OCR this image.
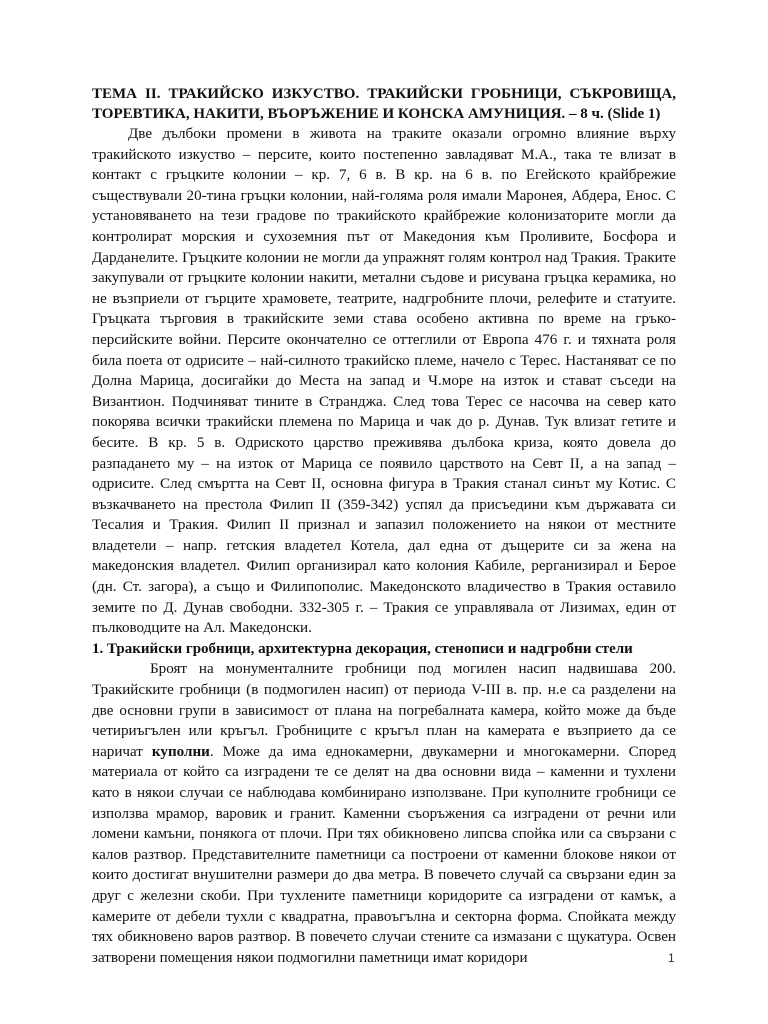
ТЕМА II. ТРАКИЙСКО ИЗКУСТВО. ТРАКИЙСКИ ГРОБНИЦИ, СЪКРОВИЩА, ТОРЕВТИКА, НАКИТИ, ВЪОРЪЖЕНИЕ И КОНСКА АМУНИЦИЯ. – 8 ч. (Slide 1)

Две дълбоки промени в живота на траките оказали огромно влияние върху тракийското изкуство – персите, които постепенно завладяват М.А., така те влизат в контакт с гръцките колонии – кр. 7, 6 в. В кр. на 6 в. по Егейското крайбрежие съществували 20-тина гръцки колонии, най-голяма роля имали Маронея, Абдера, Енос. С установяването на тези градове по тракийското крайбрежие колонизаторите могли да контролират морския и сухоземния път от Македония към Проливите, Босфора и Дарданелите. Гръцките колонии не могли да упражнят голям контрол над Тракия. Траките закупували от гръцките колонии накити, метални съдове и рисувана гръцка керамика, но не възприели от гърците храмовете, театрите, надгробните плочи, релефите и статуите. Гръцката търговия в тракийските земи става особено активна по време на гръко-персийските войни. Персите окончателно се оттеглили от Европа 476 г. и тяхната роля била поета от одрисите – най-силното тракийско племе, начело с Терес. Настаняват се по Долна Марица, досигайки до Места на запад и Ч.море на изток и стават съседи на Византион. Подчиняват тините в Странджа. След това Терес се насочва на север като покорява всички тракийски племена по Марица и чак до р. Дунав. Тук влизат гетите и бесите. В кр. 5 в. Одриското царство преживява дълбока криза, която довела до разпадането му – на изток от Марица се появило царството на Севт II, а на запад – одрисите. След смъртта на Севт II, основна фигура в Тракия станал синът му Котис. С възкачването на престола Филип II (359-342) успял да присъедини към държавата си Тесалия и Тракия. Филип II признал и запазил положението на някои от местните владетели – напр. гетския владетел Котела, дал една от дъщерите си за жена на македонския владетел. Филип организирал като колония Кабиле, рерганизирал и Берое (дн. Ст. загора), а също и Филипополис. Македонското владичество в Тракия оставило земите по Д. Дунав свободни. 332-305 г. – Тракия се управлявала от Лизимах, един от пълководците на Ал. Македонски.

1. Тракийски гробници, архитектурна декорация, стенописи и надгробни стели

Броят на монументалните гробници под могилен насип надвишава 200. Тракийските гробници (в подмогилен насип) от периода V-III в. пр. н.е са разделени на две основни групи в зависимост от плана на погребалната камера, който може да бъде четириъгълен или кръгъл. Гробниците с кръгъл план на камерата е възприето да се наричат куполни. Може да има еднокамерни, двукамерни и многокамерни. Според материала от който са изградени те се делят на два основни вида – каменни и тухлени като в някои случаи се наблюдава комбинирано използване. При куполните гробници се използва мрамор, варовик и гранит. Каменни съоръжения са изградени от речни или ломени камъни, понякога от плочи. При тях обикновено липсва спойка или са свързани с калов разтвор. Представителните паметници са построени от каменни блокове някои от които достигат внушителни размери до два метра. В повечето случай са свързани един за друг с железни скоби. При тухлените паметници коридорите са изградени от камък, а камерите от дебели тухли с квадратна, правоъгълна и секторна форма. Спойката между тях обикновено варов разтвор. В повечето случаи стените са измазани с щукатура. Освен затворени помещения някои подмогилни паметници имат коридори	1
